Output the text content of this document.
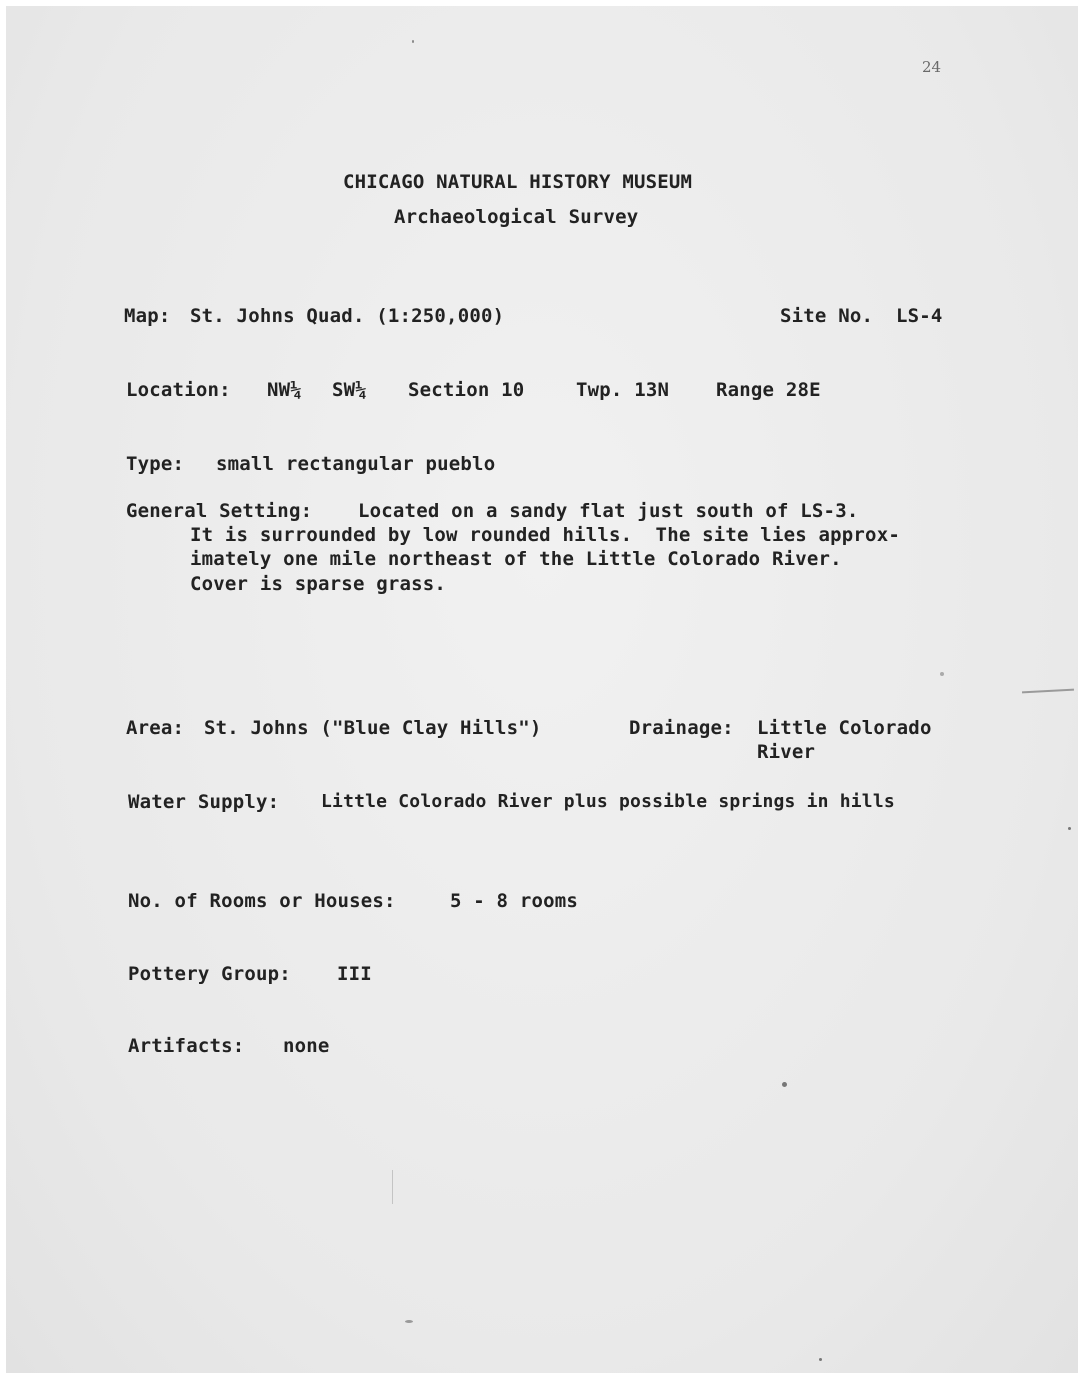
24
CHICAGO NATURAL HISTORY MUSEUM
Archaeological Survey
Map: St. Johns Quad. (1:250,000)	Site No. LS-4
Location: NW¼ SW¼ Section 10	Twp. 13N Range 28E
Type: small rectangular pueblo
General Setting: Located on a sandy flat just south of LS-3.
It is surrounded by low rounded hills.  The site lies approx-
imately one mile northeast of the Little Colorado River.
Cover is sparse grass.
Area: St. Johns ("Blue Clay Hills")	Drainage: Little Colorado
River
Water Supply: Little Colorado River plus possible springs in hills
No. of Rooms or Houses:	5 - 8 rooms
Pottery Group: III
Artifacts: none
